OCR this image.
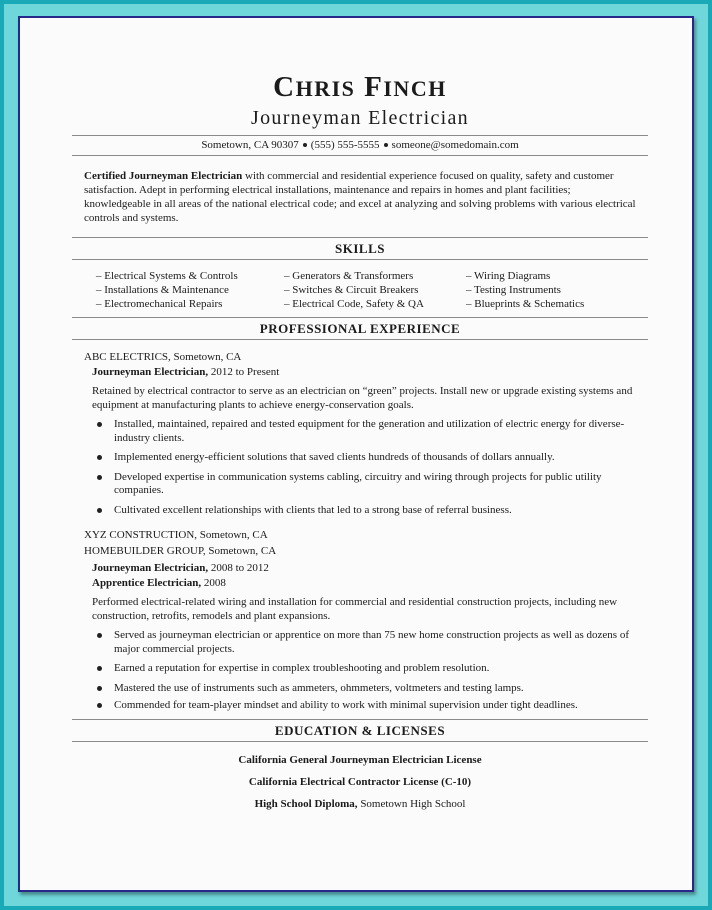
CHRIS FINCH
Journeyman Electrician
Sometown, CA 90307 (555) 555-5555 someone@somedomain.com
Certified Journeyman Electrician with commercial and residential experience focused on quality, safety and customer satisfaction. Adept in performing electrical installations, maintenance and repairs in homes and plant facilities; knowledgeable in all areas of the national electrical code; and excel at analyzing and solving problems with various electrical controls and systems.
SKILLS
– Electrical Systems & Controls
– Installations & Maintenance
– Electromechanical Repairs
– Generators & Transformers
– Switches & Circuit Breakers
– Electrical Code, Safety & QA
– Wiring Diagrams
– Testing Instruments
– Blueprints & Schematics
PROFESSIONAL EXPERIENCE
ABC ELECTRICS, Sometown, CA
Journeyman Electrician, 2012 to Present
Retained by electrical contractor to serve as an electrician on “green” projects. Install new or upgrade existing systems and equipment at manufacturing plants to achieve energy-conservation goals.
Installed, maintained, repaired and tested equipment for the generation and utilization of electric energy for diverse-industry clients.
Implemented energy-efficient solutions that saved clients hundreds of thousands of dollars annually.
Developed expertise in communication systems cabling, circuitry and wiring through projects for public utility companies.
Cultivated excellent relationships with clients that led to a strong base of referral business.
XYZ CONSTRUCTION, Sometown, CA
HOMEBUILDER GROUP, Sometown, CA
Journeyman Electrician, 2008 to 2012
Apprentice Electrician, 2008
Performed electrical-related wiring and installation for commercial and residential construction projects, including new construction, retrofits, remodels and plant expansions.
Served as journeyman electrician or apprentice on more than 75 new home construction projects as well as dozens of major commercial projects.
Earned a reputation for expertise in complex troubleshooting and problem resolution.
Mastered the use of instruments such as ammeters, ohmmeters, voltmeters and testing lamps.
Commended for team-player mindset and ability to work with minimal supervision under tight deadlines.
EDUCATION & LICENSES
California General Journeyman Electrician License
California Electrical Contractor License (C-10)
High School Diploma, Sometown High School
